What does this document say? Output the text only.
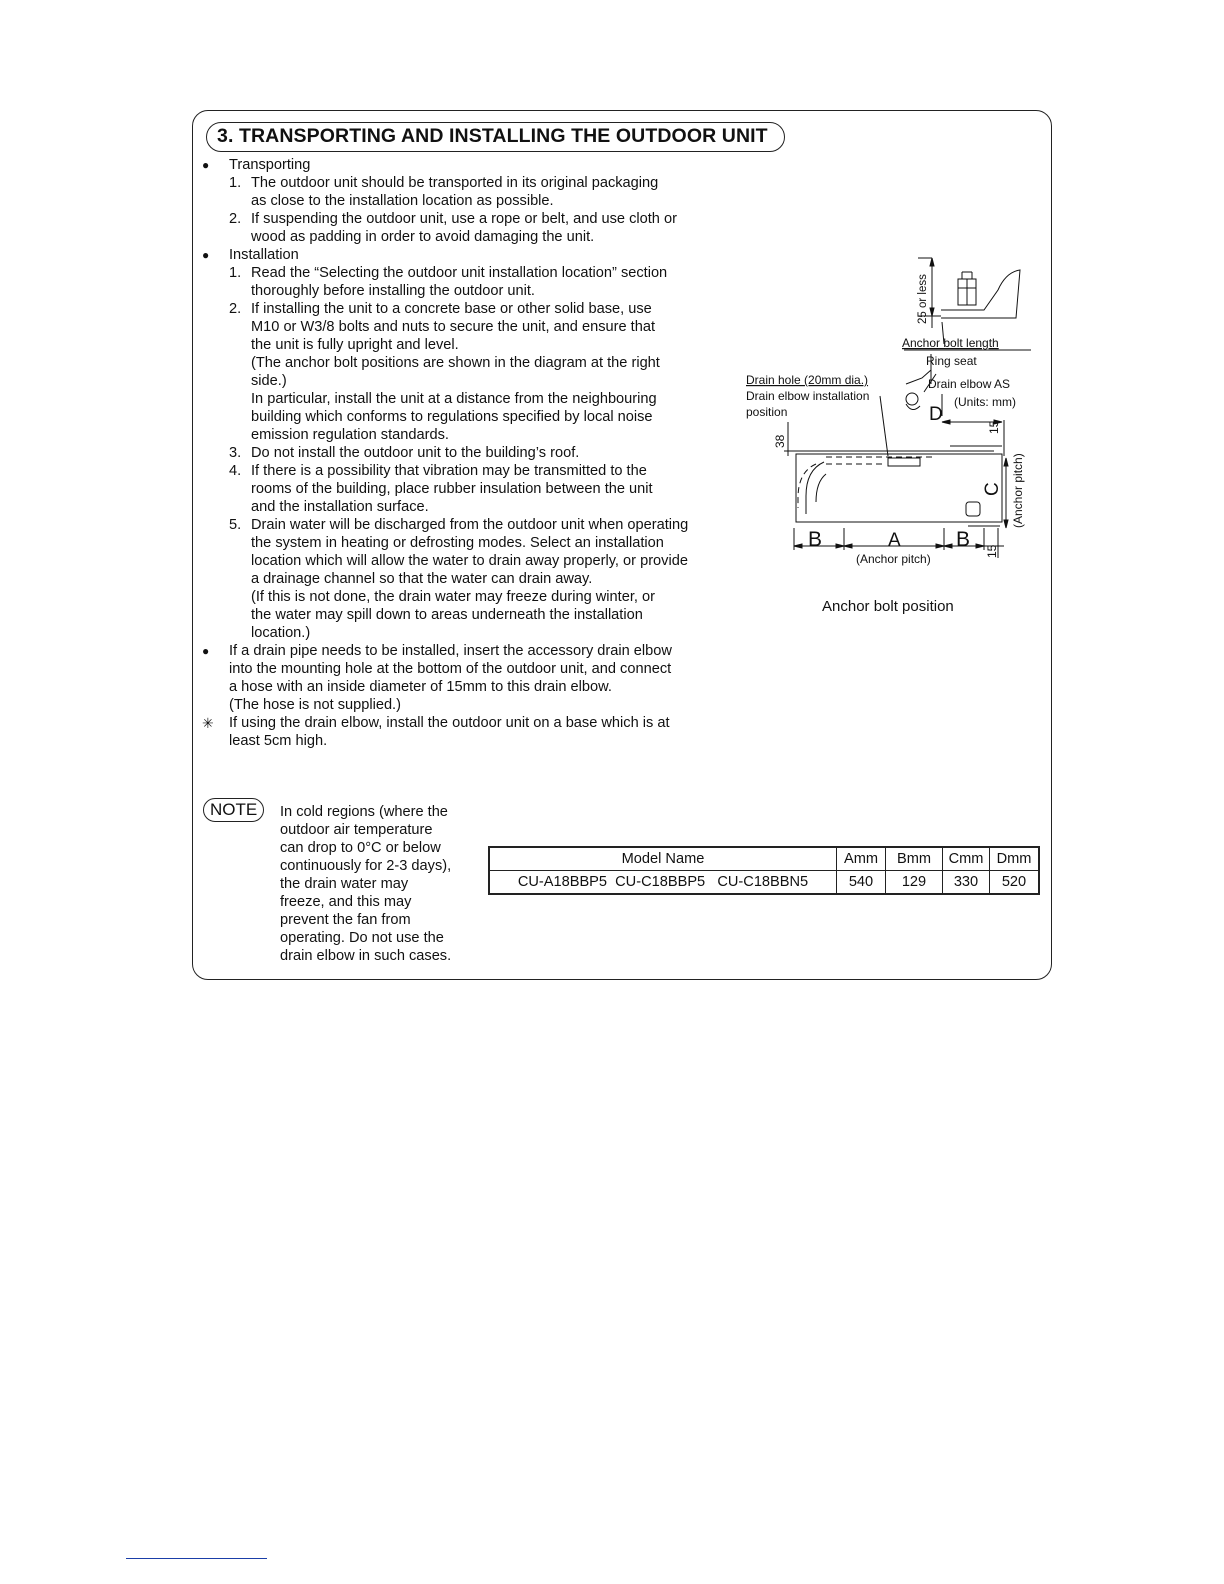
3. TRANSPORTING AND INSTALLING THE OUTDOOR UNIT
●	Transporting
1. The outdoor unit should be transported in its original packaging
as close to the installation location as possible.
2. If suspending the outdoor unit, use a rope or belt, and use cloth or
wood as padding in order to avoid damaging the unit.
●	Installation
1. Read the “Selecting the outdoor unit installation location” section
thoroughly before installing the outdoor unit.
2. If installing the unit to a concrete base or other solid base, use
M10 or W3/8 bolts and nuts to secure the unit, and ensure that
the unit is fully upright and level.
(The anchor bolt positions are shown in the diagram at the right
side.)
In particular, install the unit at a distance from the neighbouring
building which conforms to regulations specified by local noise
emission regulation standards.
3. Do not install the outdoor unit to the building’s roof.
4. If there is a possibility that vibration may be transmitted to the
rooms of the building, place rubber insulation between the unit
and the installation surface.
5. Drain water will be discharged from the outdoor unit when operating
the system in heating or defrosting modes. Select an installation
location which will allow the water to drain away properly, or provide
a drainage channel so that the water can drain away.
(If this is not done, the drain water may freeze during winter, or
the water may spill down to areas underneath the installation
location.)
●	If a drain pipe needs to be installed, insert the accessory drain elbow
into the mounting hole at the bottom of the outdoor unit, and connect
a hose with an inside diameter of 15mm to this drain elbow.
(The hose is not supplied.)
✳	If using the drain elbow, install the outdoor unit on a base which is at
least 5cm high.
25 or less
Anchor bolt length
Ring seat
Drain hole (20mm dia.)
Drain elbow installation
position
Drain elbow AS
(Units: mm)
D
38
15
C (Anchor pitch)
B	A	B
15
(Anchor pitch)
Anchor bolt position
NOTE	In cold regions (where the
outdoor air temperature
can drop to 0°C or below
continuously for 2-3 days),
the drain water may
freeze, and this may
prevent the fan from
operating. Do not use the
drain elbow in such cases.
Model Name	Amm	Bmm	Cmm	Dmm
CU-A18BBP5  CU-C18BBP5   CU-C18BBN5	540	129	330	520
